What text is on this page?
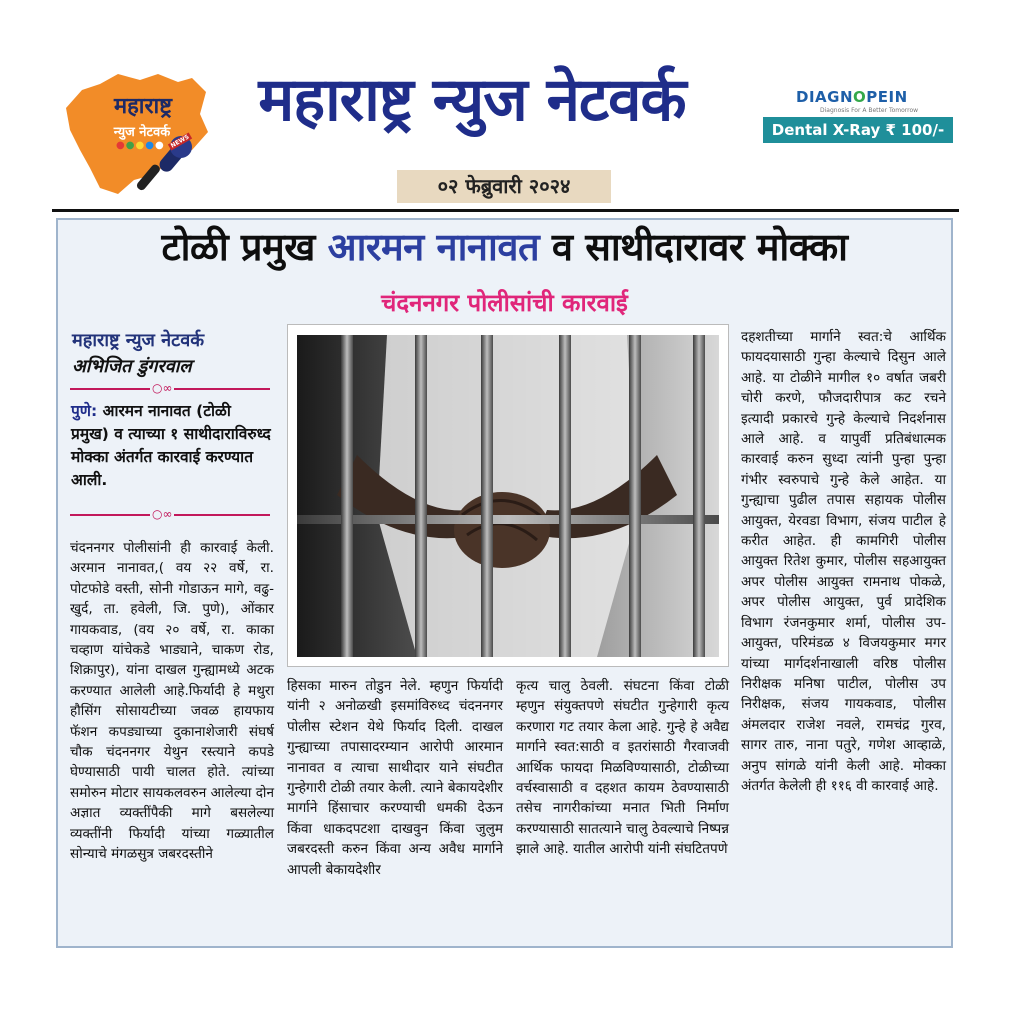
महाराष्ट्र
न्युज नेटवर्क
●●●●● NEWS
महाराष्ट्र न्युज नेटवर्क
०२ फेब्रुवारी २०२४
DIAGNOPEIN
Diagnosis For A Better Tomorrow
Dental X-Ray ₹ 100/-
टोळी प्रमुख आरमन नानावत व साथीदारावर मोक्का
चंदननगर पोलीसांची कारवाई
महाराष्ट्र न्युज नेटवर्क
अभिजित डुंगरवाल
○∞
पुणे: आरमन नानावत (टोळी प्रमुख) व त्याच्या १ साथीदाराविरुध्द मोक्का अंतर्गत कारवाई करण्यात आली.
○∞
चंदननगर पोलीसांनी ही कारवाई केली. अरमान नानावत,( वय २२ वर्षे, रा. पोटफोडे वस्ती, सोनी गोडाऊन मागे, वढु-खुर्द, ता. हवेली, जि. पुणे), ओंकार गायकवाड, (वय २० वर्षे, रा. काका चव्हाण यांचेकडे भाड्याने, चाकण रोड, शिक्रापुर), यांना दाखल गुन्ह्यामध्ये अटक करण्यात आलेली आहे.फिर्यादी हे मथुरा हौसिंग सोसायटीच्या जवळ हायफाय फॅशन कपड्याच्या दुकानाशेजारी संघर्ष चौक चंदननगर येथुन रस्त्याने कपडे घेण्यासाठी पायी चालत होते. त्यांच्या समोरुन मोटार सायकलवरुन आलेल्या दोन अज्ञात व्यक्तींपैकी मागे बसलेल्या व्यक्तींनी फिर्यादी यांच्या गळ्यातील सोन्याचे मंगळसुत्र जबरदस्तीने
हिसका मारुन तोडुन नेले. म्हणुन फिर्यादी यांनी २ अनोळखी इसमांविरुध्द चंदननगर पोलीस स्टेशन येथे फिर्याद दिली. दाखल गुन्ह्याच्या तपासादरम्यान आरोपी आरमान नानावत व त्याचा साथीदार याने संघटीत गुन्हेगारी टोळी तयार केली. त्याने बेकायदेशीर मार्गाने हिंसाचार करण्याची धमकी देऊन किंवा धाकदपटशा दाखवुन किंवा जुलुम जबरदस्ती करुन किंवा अन्य अवैध मार्गाने आपली बेकायदेशीर
कृत्य चालु ठेवली. संघटना किंवा टोळी म्हणुन संयुक्तपणे संघटीत गुन्हेगारी कृत्य करणारा गट तयार केला आहे. गुन्हे हे अवैद्य मार्गाने स्वत:साठी व इतरांसाठी गैरवाजवी आर्थिक फायदा मिळविण्यासाठी, टोळीच्या वर्चस्वासाठी व दहशत कायम ठेवण्यासाठी तसेच नागरीकांच्या मनात भिती निर्माण करण्यासाठी सातत्याने चालु ठेवल्याचे निष्पन्न झाले आहे. यातील आरोपी यांनी संघटितपणे
दहशतीच्या मार्गाने स्वत:चे आर्थिक फायदयासाठी गुन्हा केल्याचे दिसुन आले आहे. या टोळीने मागील १० वर्षात जबरी चोरी करणे, फौजदारीपात्र कट रचने इत्यादी प्रकारचे गुन्हे केल्याचे निदर्शनास आले आहे. व यापुर्वी प्रतिबंधात्मक कारवाई करुन सुध्दा त्यांनी पुन्हा पुन्हा गंभीर स्वरुपाचे गुन्हे केले आहेत. या गुन्ह्याचा पुढील तपास सहायक पोलीस आयुक्त, येरवडा विभाग, संजय पाटील हे करीत आहेत. ही कामगिरी पोलीस आयुक्त रितेश कुमार, पोलीस सहआयुक्त अपर पोलीस आयुक्त रामनाथ पोकळे, अपर पोलीस आयुक्त, पुर्व प्रादेशिक विभाग रंजनकुमार शर्मा, पोलीस उप-आयुक्त, परिमंडळ ४ विजयकुमार मगर यांच्या मार्गदर्शनाखाली वरिष्ठ पोलीस निरीक्षक मनिषा पाटील, पोलीस उप निरीक्षक, संजय गायकवाड, पोलीस अंमलदार राजेश नवले, रामचंद्र गुरव, सागर तारु, नाना पतुरे, गणेश आव्हाळे, अनुप सांगळे यांनी केली आहे. मोक्का अंतर्गत केलेली ही ११६ वी कारवाई आहे.
